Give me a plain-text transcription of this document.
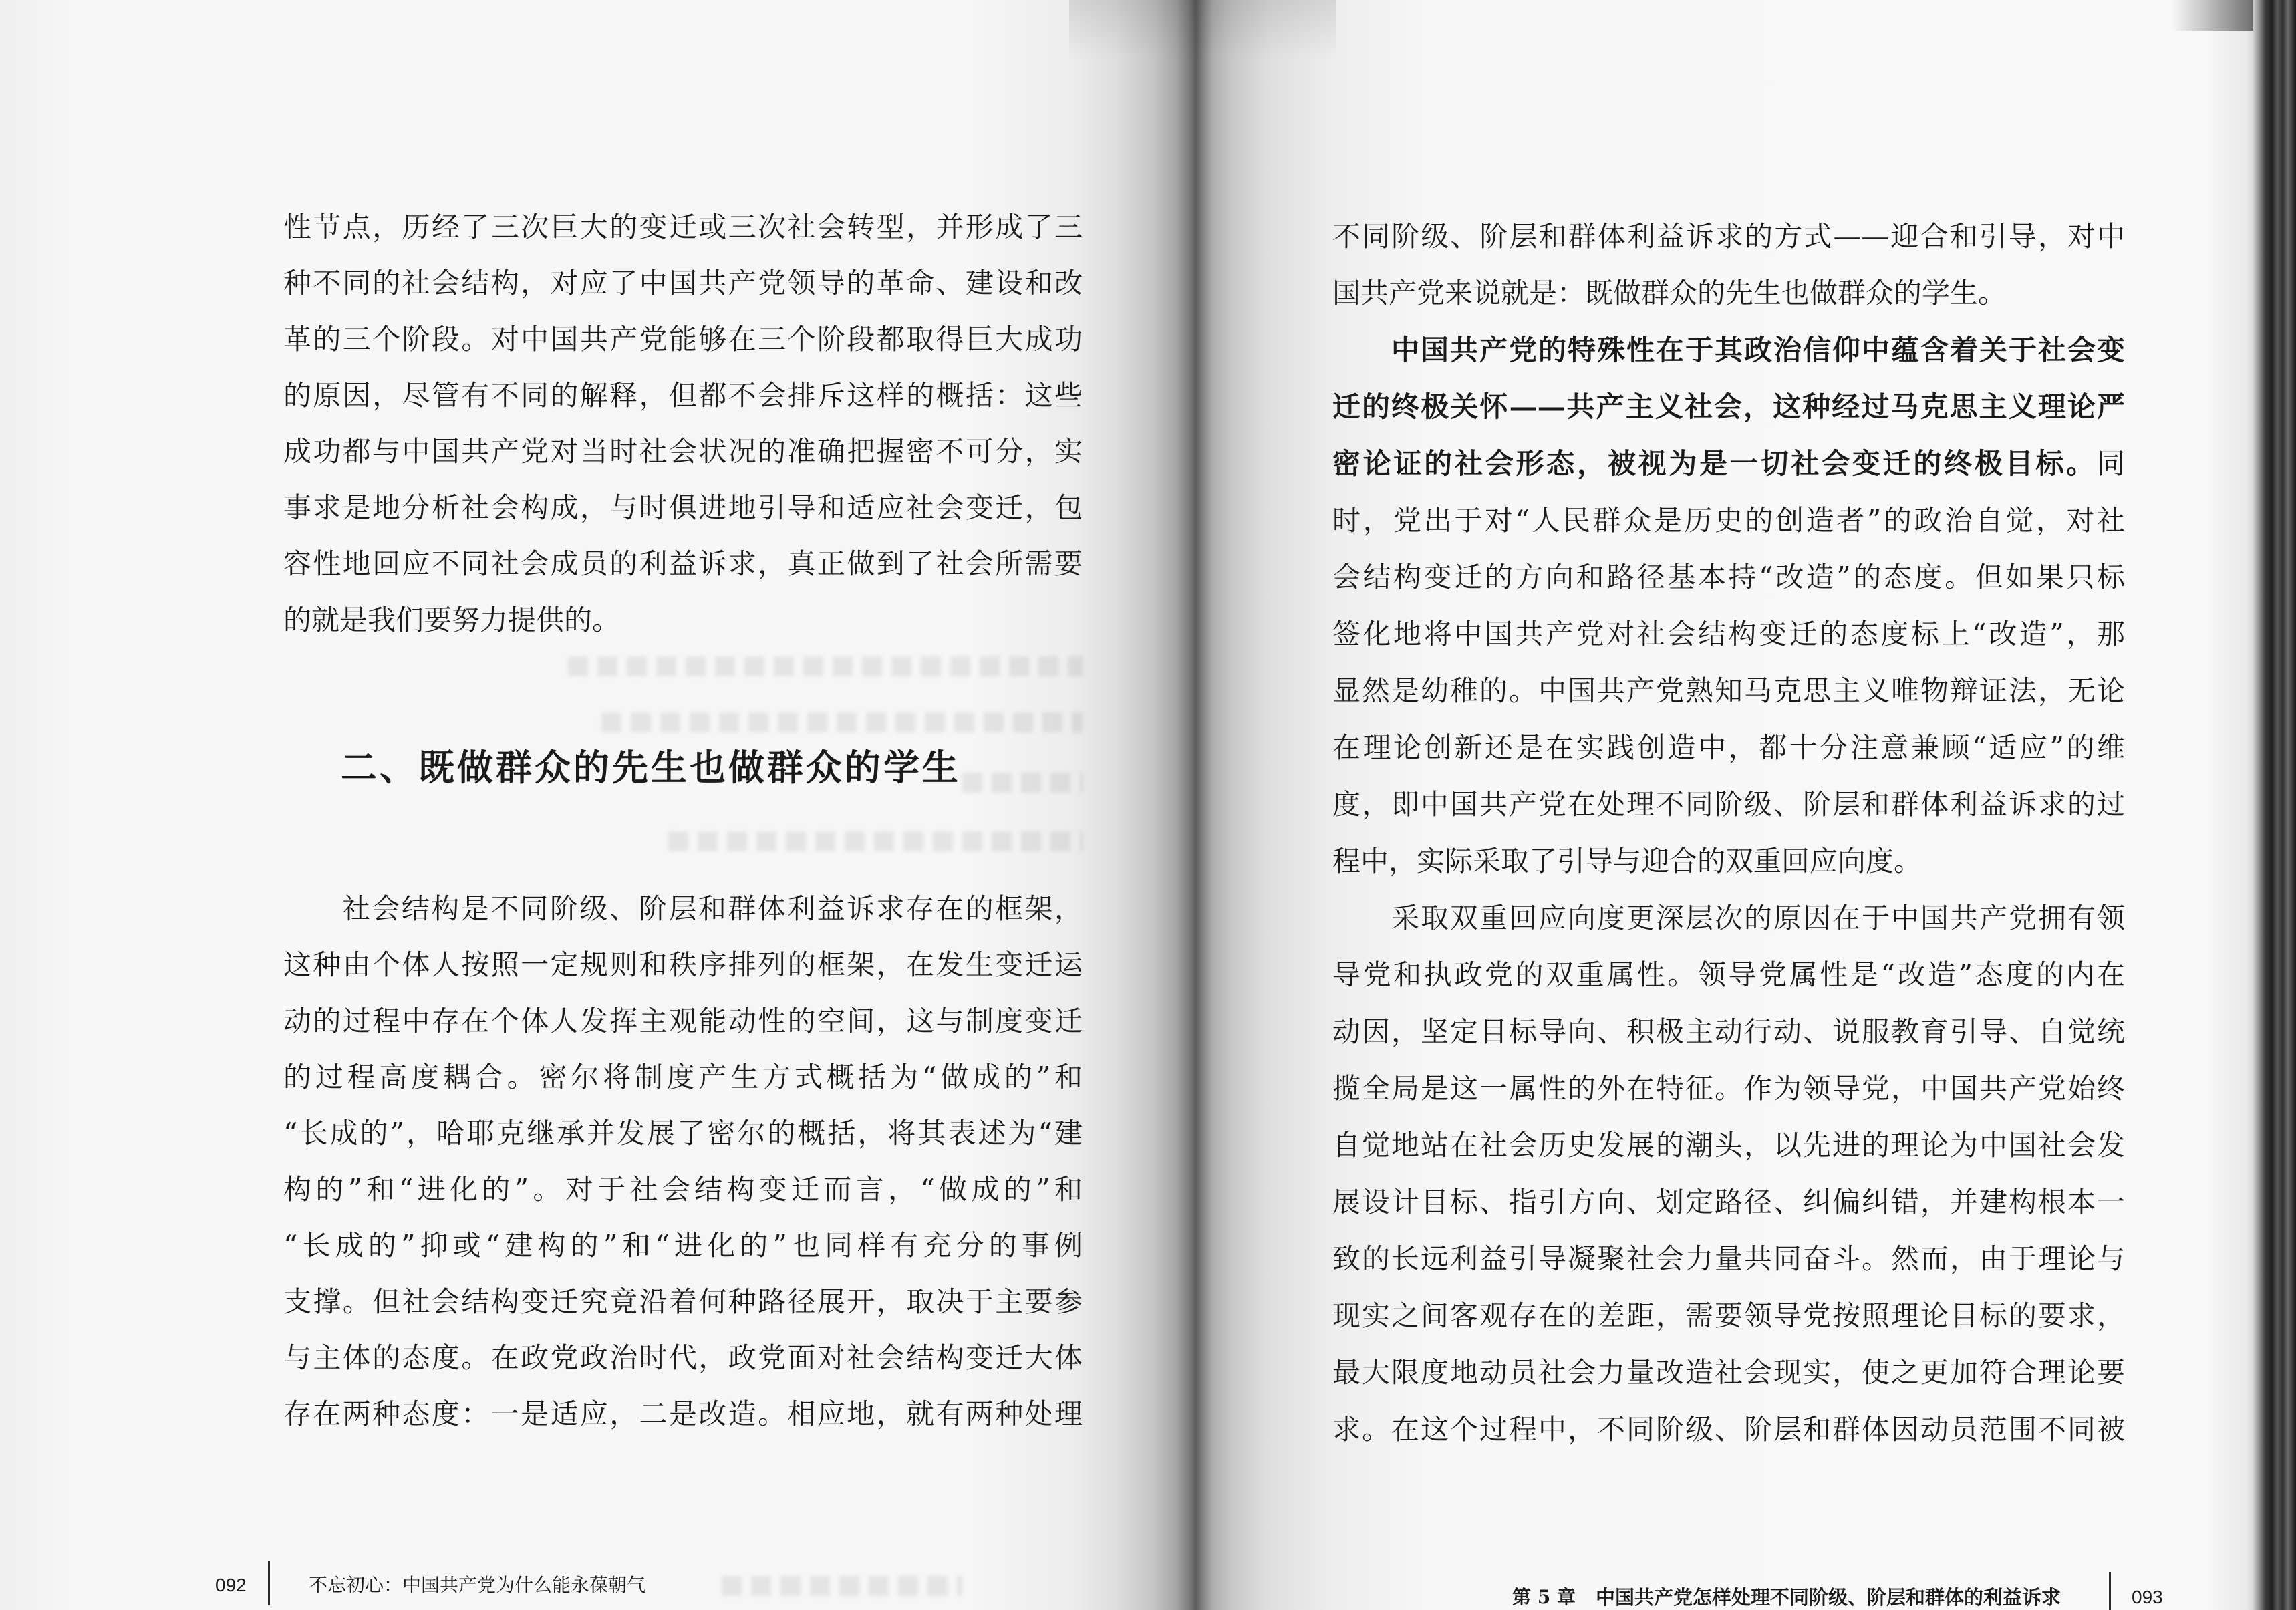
性节点，历经了三次巨大的变迁或三次社会转型，并形成了三
种不同的社会结构，对应了中国共产党领导的革命、建设和改
革的三个阶段。对中国共产党能够在三个阶段都取得巨大成功
的原因，尽管有不同的解释，但都不会排斥这样的概括：这些
成功都与中国共产党对当时社会状况的准确把握密不可分，实
事求是地分析社会构成，与时俱进地引导和适应社会变迁，包
容性地回应不同社会成员的利益诉求，真正做到了社会所需要
的就是我们要努力提供的。
二、既做群众的先生也做群众的学生
社会结构是不同阶级、阶层和群体利益诉求存在的框架，
这种由个体人按照一定规则和秩序排列的框架，在发生变迁运
动的过程中存在个体人发挥主观能动性的空间，这与制度变迁
的过程高度耦合。密尔将制度产生方式概括为“做成的”和
“长成的”，哈耶克继承并发展了密尔的概括，将其表述为“建
构的”和“进化的”。对于社会结构变迁而言，“做成的”和
“长成的”抑或“建构的”和“进化的”也同样有充分的事例
支撑。但社会结构变迁究竟沿着何种路径展开，取决于主要参
与主体的态度。在政党政治时代，政党面对社会结构变迁大体
存在两种态度：一是适应，二是改造。相应地，就有两种处理
092	不忘初心：中国共产党为什么能永葆朝气
不同阶级、阶层和群体利益诉求的方式——迎合和引导，对中
国共产党来说就是：既做群众的先生也做群众的学生。
中国共产党的特殊性在于其政治信仰中蕴含着关于社会变
迁的终极关怀——共产主义社会，这种经过马克思主义理论严
密论证的社会形态，被视为是一切社会变迁的终极目标。同
时，党出于对“人民群众是历史的创造者”的政治自觉，对社
会结构变迁的方向和路径基本持“改造”的态度。但如果只标
签化地将中国共产党对社会结构变迁的态度标上“改造”，那
显然是幼稚的。中国共产党熟知马克思主义唯物辩证法，无论
在理论创新还是在实践创造中，都十分注意兼顾“适应”的维
度，即中国共产党在处理不同阶级、阶层和群体利益诉求的过
程中，实际采取了引导与迎合的双重回应向度。
采取双重回应向度更深层次的原因在于中国共产党拥有领
导党和执政党的双重属性。领导党属性是“改造”态度的内在
动因，坚定目标导向、积极主动行动、说服教育引导、自觉统
揽全局是这一属性的外在特征。作为领导党，中国共产党始终
自觉地站在社会历史发展的潮头，以先进的理论为中国社会发
展设计目标、指引方向、划定路径、纠偏纠错，并建构根本一
致的长远利益引导凝聚社会力量共同奋斗。然而，由于理论与
现实之间客观存在的差距，需要领导党按照理论目标的要求，
最大限度地动员社会力量改造社会现实，使之更加符合理论要
求。在这个过程中，不同阶级、阶层和群体因动员范围不同被
第 5 章 中国共产党怎样处理不同阶级、阶层和群体的利益诉求	093
